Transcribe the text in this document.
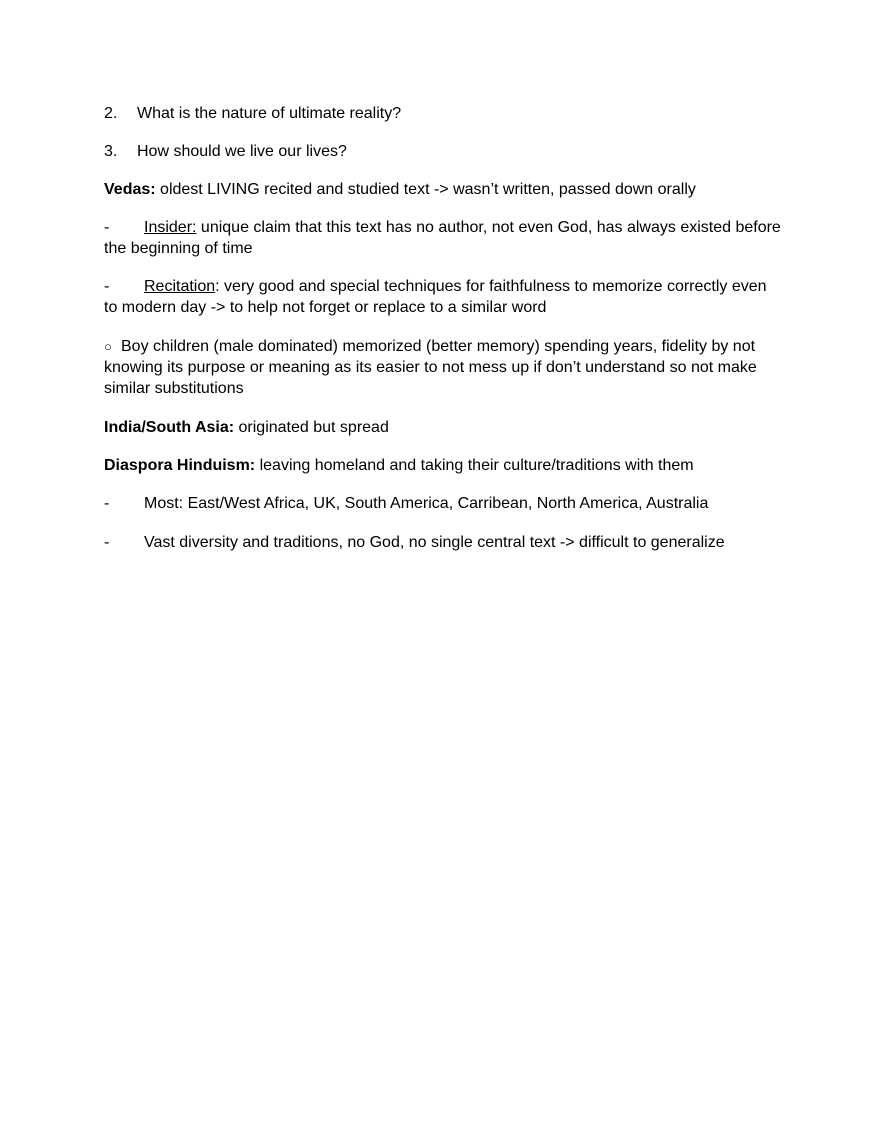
2. What is the nature of ultimate reality?
3. How should we live our lives?
Vedas: oldest LIVING recited and studied text -> wasn’t written, passed down orally
- Insider: unique claim that this text has no author, not even God, has always existed before the beginning of time
- Recitation: very good and special techniques for faithfulness to memorize correctly even to modern day -> to help not forget or replace to a similar word
○ Boy children (male dominated) memorized (better memory) spending years, fidelity by not knowing its purpose or meaning as its easier to not mess up if don’t understand so not make similar substitutions
India/South Asia: originated but spread
Diaspora Hinduism: leaving homeland and taking their culture/traditions with them
- Most: East/West Africa, UK, South America, Carribean, North America, Australia
- Vast diversity and traditions, no God, no single central text -> difficult to generalize
